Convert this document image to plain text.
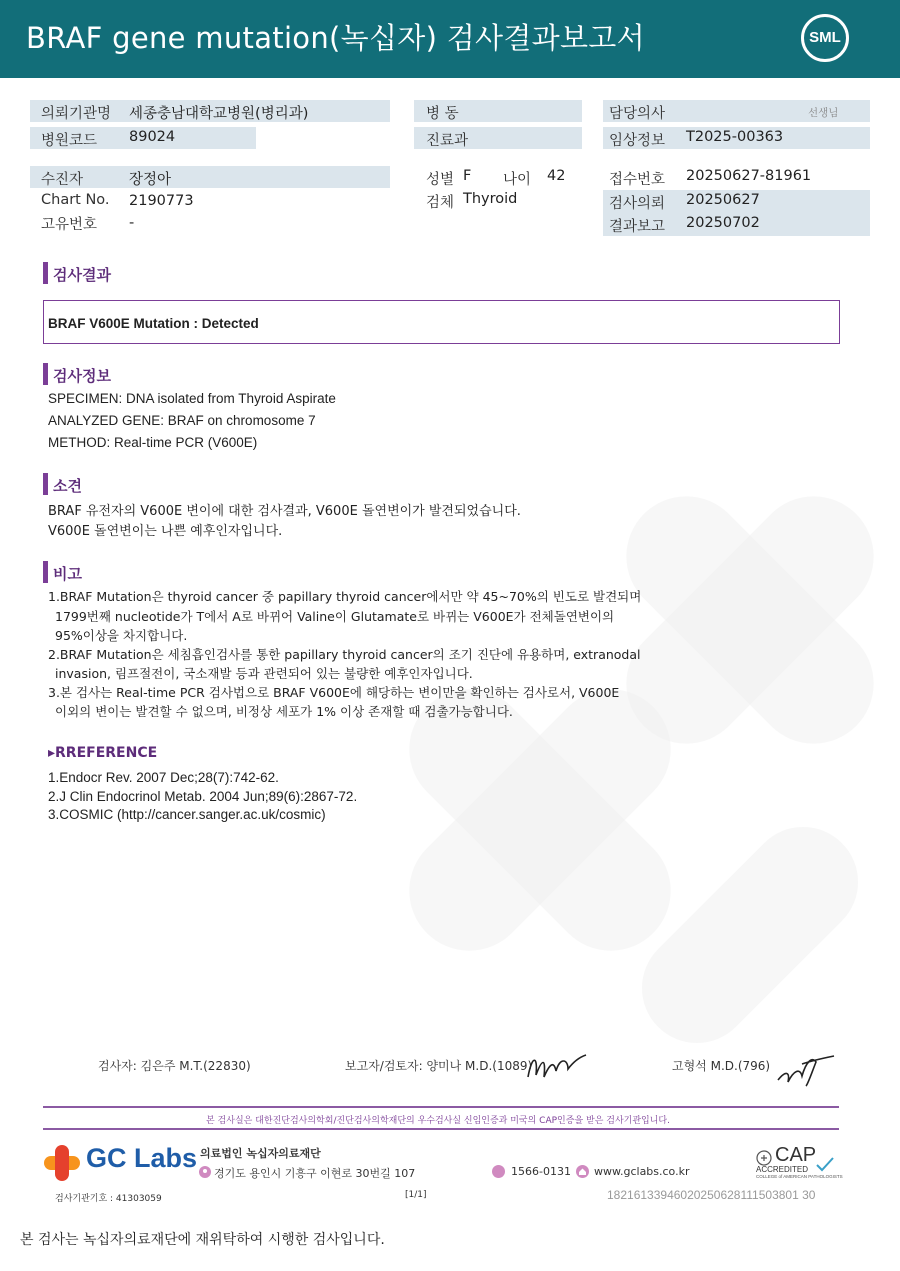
BRAF gene mutation(녹십자) 검사결과보고서	SML
의뢰기관명 세종충남대학교병원(병리과)
병원코드 89024
수진자	장정아
Chart No. 2190773
고유번호 -
병 동
진료과
성별 F 나이 42
검체 Thyroid
담당의사	선생님
임상정보 T2025-00363
접수번호 20250627-81961
검사의뢰 20250627
결과보고 20250702
검사결과
BRAF V600E Mutation : Detected
검사정보
SPECIMEN: DNA isolated from Thyroid Aspirate
ANALYZED GENE: BRAF on chromosome 7
METHOD: Real-time PCR (V600E)
소견
BRAF 유전자의 V600E 변이에 대한 검사결과, V600E 돌연변이가 발견되었습니다.
V600E 돌연변이는 나쁜 예후인자입니다.
비고
1.BRAF Mutation은 thyroid cancer 중 papillary thyroid cancer에서만 약 45~70%의 빈도로 발견되며
1799번째 nucleotide가 T에서 A로 바뀌어 Valine이 Glutamate로 바뀌는 V600E가 전체돌연변이의
95%이상을 차지합니다.
2.BRAF Mutation은 세침흡인검사를 통한 papillary thyroid cancer의 조기 진단에 유용하며, extranodal
invasion, 림프절전이, 국소재발 등과 관련되어 있는 불량한 예후인자입니다.
3.본 검사는 Real-time PCR 검사법으로 BRAF V600E에 해당하는 변이만을 확인하는 검사로서, V600E
이외의 변이는 발견할 수 없으며, 비정상 세포가 1% 이상 존재할 때 검출가능합니다.
▸RREFERENCE
1.Endocr Rev. 2007 Dec;28(7):742-62.
2.J Clin Endocrinol Metab. 2004 Jun;89(6):2867-72.
3.COSMIC (http://cancer.sanger.ac.uk/cosmic)
검사자: 김은주 M.T.(22830)	보고자/검토자: 양미나 M.D.(1089)	고형석 M.D.(796)
본 검사실은 대한진단검사의학회/진단검사의학재단의 우수검사실 신임인증과 미국의 CAP인증을 받은 검사기관입니다.
GC Labs 의료법인 녹십자의료재단
경기도 용인시 기흥구 이현로 30번길 107	1566-0131 www.gclabs.co.kr
CAP
ACCREDITED
COLLEGE of AMERICAN PATHOLOGISTS
검사기관기호 : 41303059	[1/1]	18216133946020250628111503801 30
본 검사는 녹십자의료재단에 재위탁하여 시행한 검사입니다.
